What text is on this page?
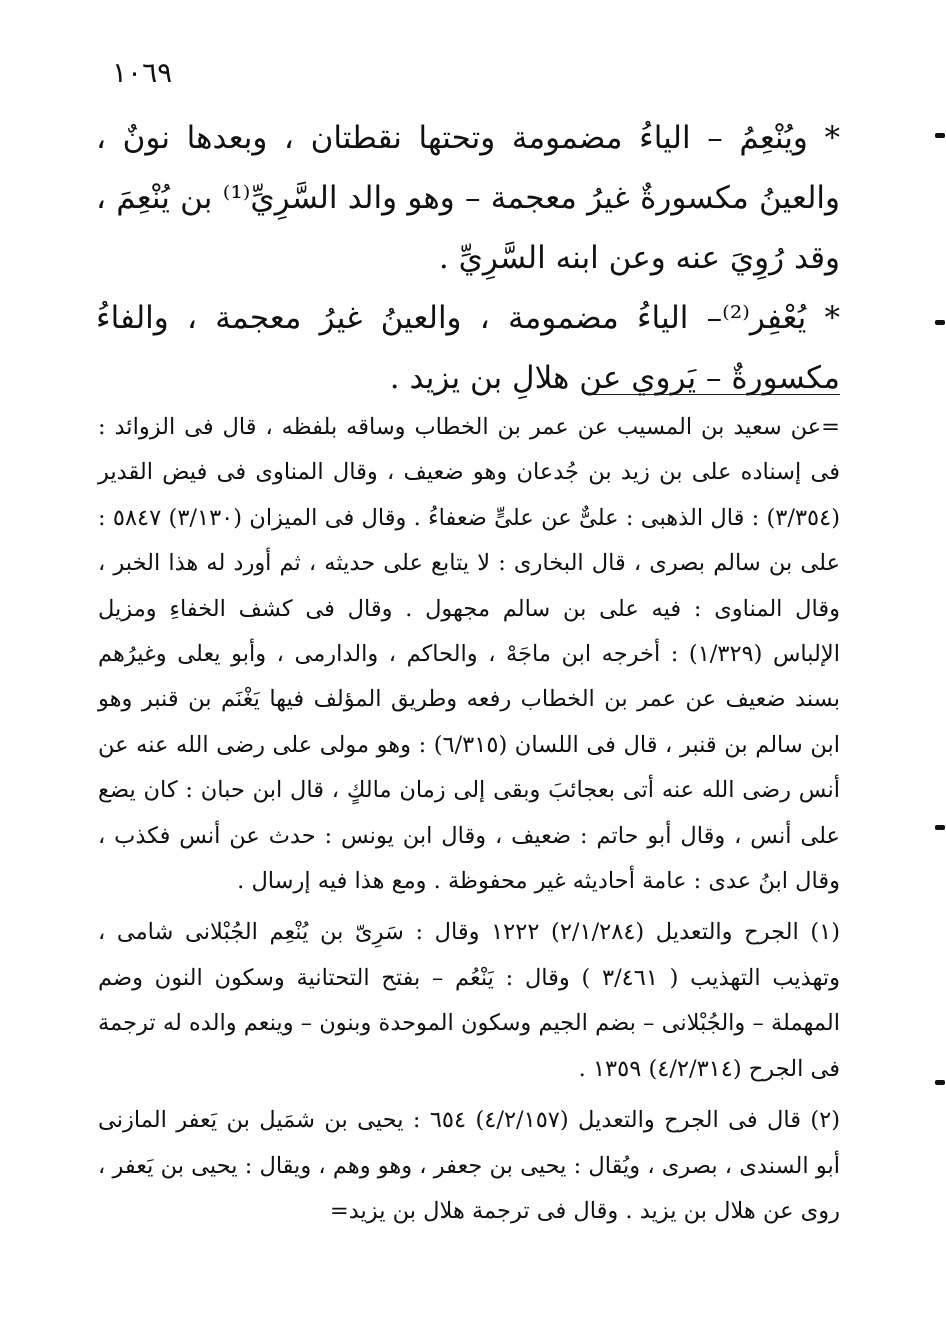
١٠٦٩

* ويُنْعِمُ – الياءُ مضمومة وتحتها نقطتان ، وبعدها نونٌ ، والعينُ مكسورةٌ غيرُ معجمة – وهو والد السَّرِيِّ⁽¹⁾ بن يُنْعِمَ ، وقد رُوِيَ عنه وعن ابنه السَّرِيِّ .

* يُعْفِر⁽²⁾– الياءُ مضمومة ، والعينُ غيرُ معجمة ، والفاءُ مكسورةٌ – يَروي عن هلالِ بن يزيد .

=عن سعيد بن المسيب عن عمر بن الخطاب وساقه بلفظه ، قال فى الزوائد : فى إسناده على بن زيد بن جُدعان وهو ضعيف ، وقال المناوى فى فيض القدير (٣/٣٥٤) : قال الذهبى : علىٌّ عن علىٍّ ضعفاءُ . وقال فى الميزان (٣/١٣٠) ٥٨٤٧ : على بن سالم بصرى ، قال البخارى : لا يتابع على حديثه ، ثم أورد له هذا الخبر ، وقال المناوى : فيه على بن سالم مجهول . وقال فى كشف الخفاءِ ومزيل الإلباس (١/٣٢٩) : أخرجه ابن ماجَهْ ، والحاكم ، والدارمى ، وأبو يعلى وغيرُهم بسند ضعيف عن عمر بن الخطاب رفعه وطريق المؤلف فيها يَغْنَم بن قنبر وهو ابن سالم بن قنبر ، قال فى اللسان (٦/٣١٥) : وهو مولى على رضى الله عنه عن أنس رضى الله عنه أتى بعجائبَ وبقى إلى زمان مالكٍ ، قال ابن حبان : كان يضع على أنس ، وقال أبو حاتم : ضعيف ، وقال ابن يونس : حدث عن أنس فكذب ، وقال ابنُ عدى : عامة أحاديثه غير محفوظة . ومع هذا فيه إرسال .

(١) الجرح والتعديل (٢/١/٢٨٤) ١٢٢٢ وقال : سَرِىّ بن يُنْعِم الجُبْلانى شامى ، وتهذيب التهذيب ( ٣/٤٦١ ) وقال : يَنْعُم – بفتح التحتانية وسكون النون وضم المهملة – والجُبْلانى – بضم الجيم وسكون الموحدة وبنون – وينعم والده له ترجمة فى الجرح (٤/٢/٣١٤) ١٣٥٩ .

(٢) قال فى الجرح والتعديل (٤/٢/١٥٧) ٦٥٤ : يحيى بن شمَيل بن يَعفر المازنى أبو السندى ، بصرى ، ويُقال : يحيى بن جعفر ، وهو وهم ، ويقال : يحيى بن يَعفر ، روى عن هلال بن يزيد . وقال فى ترجمة هلال بن يزيد=
